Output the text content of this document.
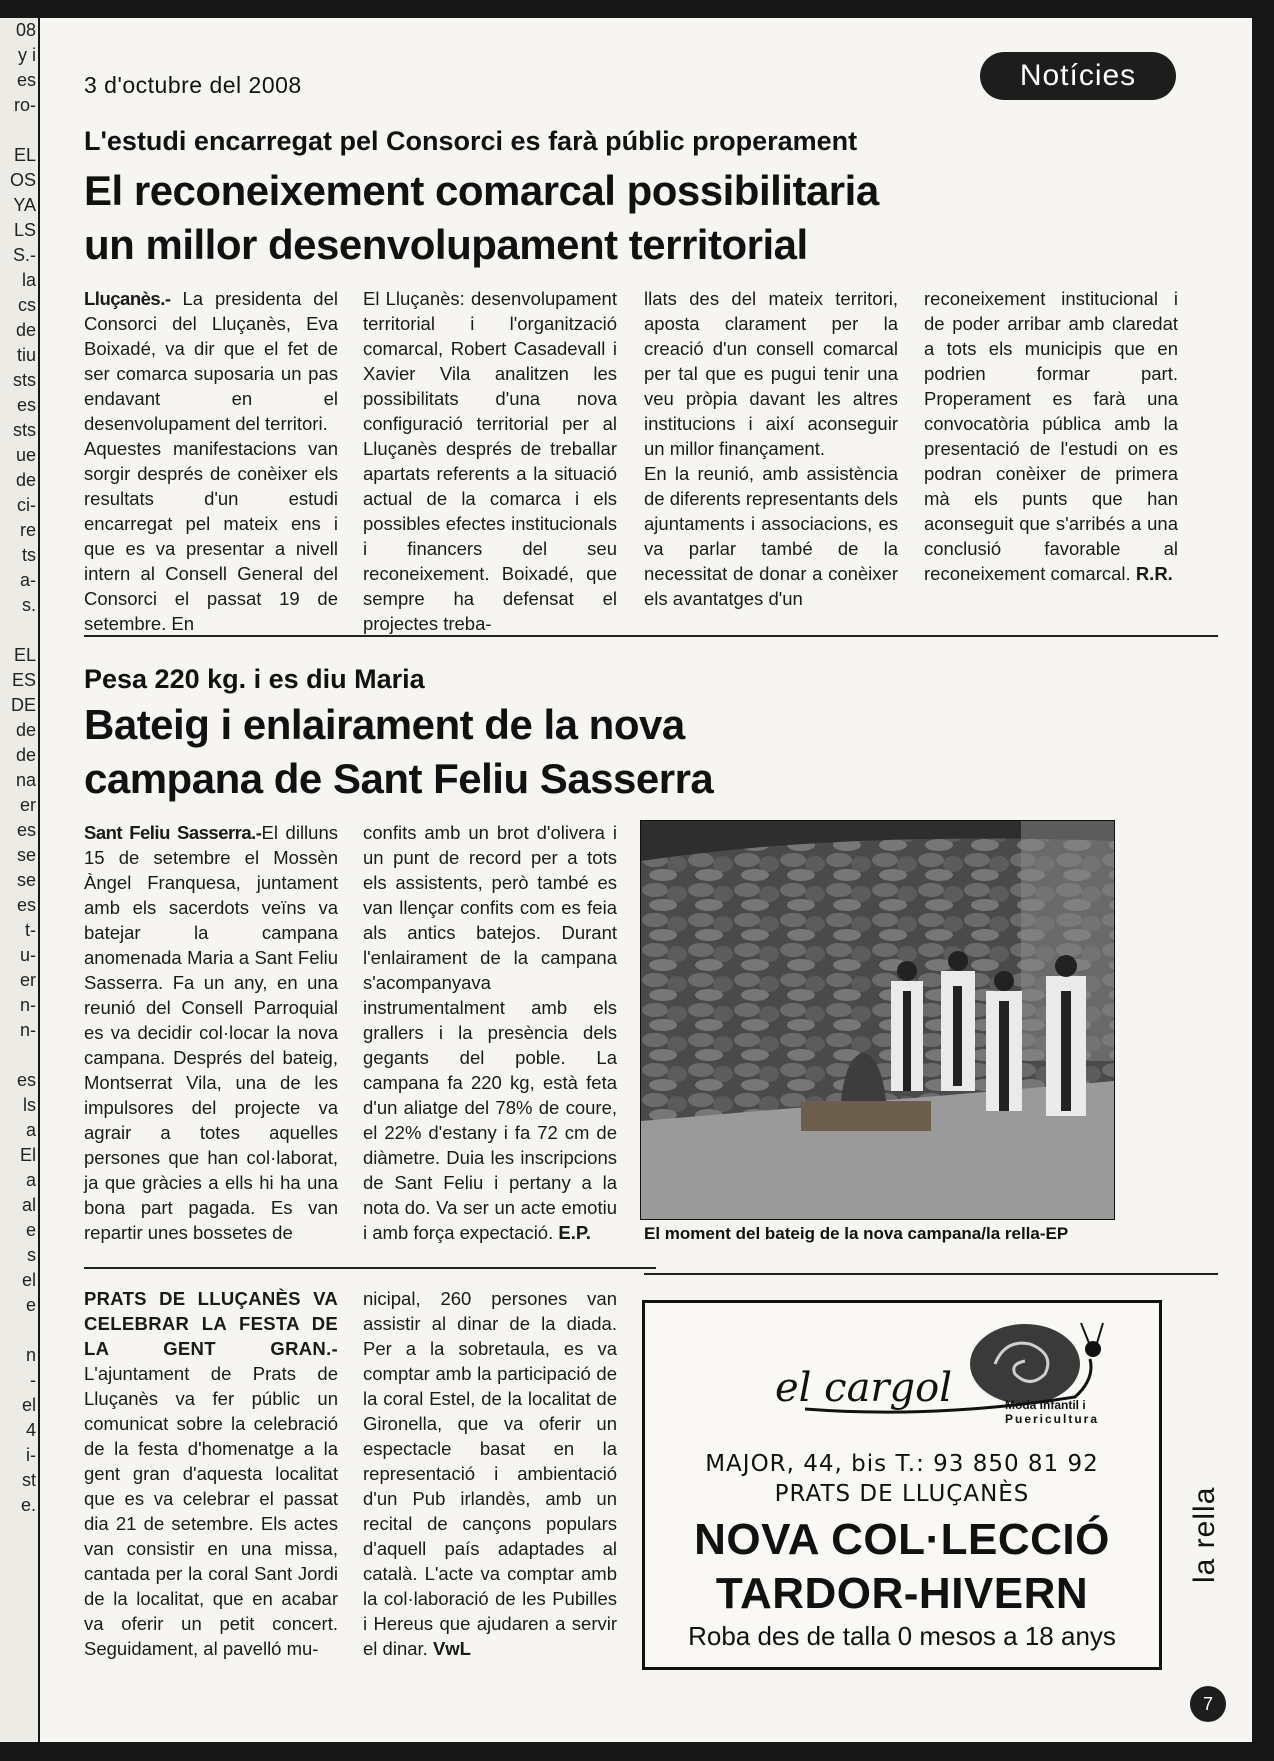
08
y i
es
ro-

EL
OS
YA
LS
S.-
la
cs
de
tiu
sts
es
sts
ue
de
ci-
re
ts
a-
s.

EL
ES
DE
de
de
na
er
es
se
se
es
t-
u-
er
n-
n-

es
ls
a
El
a
al
e
s
el
e

n
-
el
4
i-
st
e.
3 d'octubre del 2008	Notícies
L'estudi encarregat pel Consorci es farà públic properament
El reconeixement comarcal possibilitaria
un millor desenvolupament territorial

Lluçanès.- La presidenta del Consorci del Lluçanès, Eva Boixadé, va dir que el fet de ser comarca suposaria un pas endavant en el desenvolupament del territori.

Aquestes manifestacions van sorgir després de conèixer els resultats d'un estudi encarregat pel mateix ens i que es va presentar a nivell intern al Consell General del Consorci el passat 19 de setembre. En

El Lluçanès: desenvolupament territorial i l'organització comarcal, Robert Casadevall i Xavier Vila analitzen les possibilitats d'una nova configuració territorial per al Lluçanès després de treballar apartats referents a la situació actual de la comarca i els possibles efectes institucionals i financers del seu reconeixement. Boixadé, que sempre ha defensat el projectes treba-

llats des del mateix territori, aposta clarament per la creació d'un consell comarcal per tal que es pugui tenir una veu pròpia davant les altres institucions i així aconseguir un millor finançament.

En la reunió, amb assistència de diferents representants dels ajuntaments i associacions, es va parlar també de la necessitat de donar a conèixer els avantatges d'un

reconeixement institucional i de poder arribar amb claredat a tots els municipis que en podrien formar part. Properament es farà una convocatòria pública amb la presentació de l'estudi on es podran conèixer de primera mà els punts que han aconseguit que s'arribés a una conclusió favorable al reconeixement comarcal. R.R.

Pesa 220 kg. i es diu Maria
Bateig i enlairament de la nova
campana de Sant Feliu Sasserra

Sant Feliu Sasserra.-El dilluns 15 de setembre el Mossèn Àngel Franquesa, juntament amb els sacerdots veïns va batejar la campana anomenada Maria a Sant Feliu Sasserra. Fa un any, en una reunió del Consell Parroquial es va decidir col·locar la nova campana. Després del bateig, Montserrat Vila, una de les impulsores del projecte va agrair a totes aquelles persones que han col·laborat, ja que gràcies a ells hi ha una bona part pagada. Es van repartir unes bossetes de

confits amb un brot d'olivera i un punt de record per a tots els assistents, però també es van llençar confits com es feia als antics batejos. Durant l'enlairament de la campana s'acompanyava instrumentalment amb els grallers i la presència dels gegants del poble. La campana fa 220 kg, està feta d'un aliatge del 78% de coure, el 22% d'estany i fa 72 cm de diàmetre. Duia les inscripcions de Sant Feliu i pertany a la nota do. Va ser un acte emotiu i amb força expectació. E.P.	El moment del bateig de la nova campana/la rella-EP

PRATS DE LLUÇANÈS VA CELEBRAR LA FESTA DE LA GENT GRAN.- L'ajuntament de Prats de Lluçanès va fer públic un comunicat sobre la celebració de la festa d'homenatge a la gent gran d'aquesta localitat que es va celebrar el passat dia 21 de setembre. Els actes van consistir en una missa, cantada per la coral Sant Jordi de la localitat, que en acabar va oferir un petit concert. Seguidament, al pavelló mu-

nicipal, 260 persones van assistir al dinar de la diada. Per a la sobretaula, es va comptar amb la participació de la coral Estel, de la localitat de Gironella, que va oferir un espectacle basat en la representació i ambientació d'un Pub irlandès, amb un recital de cançons populars d'aquell país adaptades al català. L'acte va comptar amb la col·laboració de les Pubilles i Hereus que ajudaren a servir el dinar. VwL

el cargol	Moda Infantil i
Puericultura
MAJOR, 44, bis T.: 93 850 81 92
PRATS DE LLUÇANÈS
NOVA COL·LECCIÓ
TARDOR-HIVERN
Roba des de talla 0 mesos a 18 anys
la rella
7
